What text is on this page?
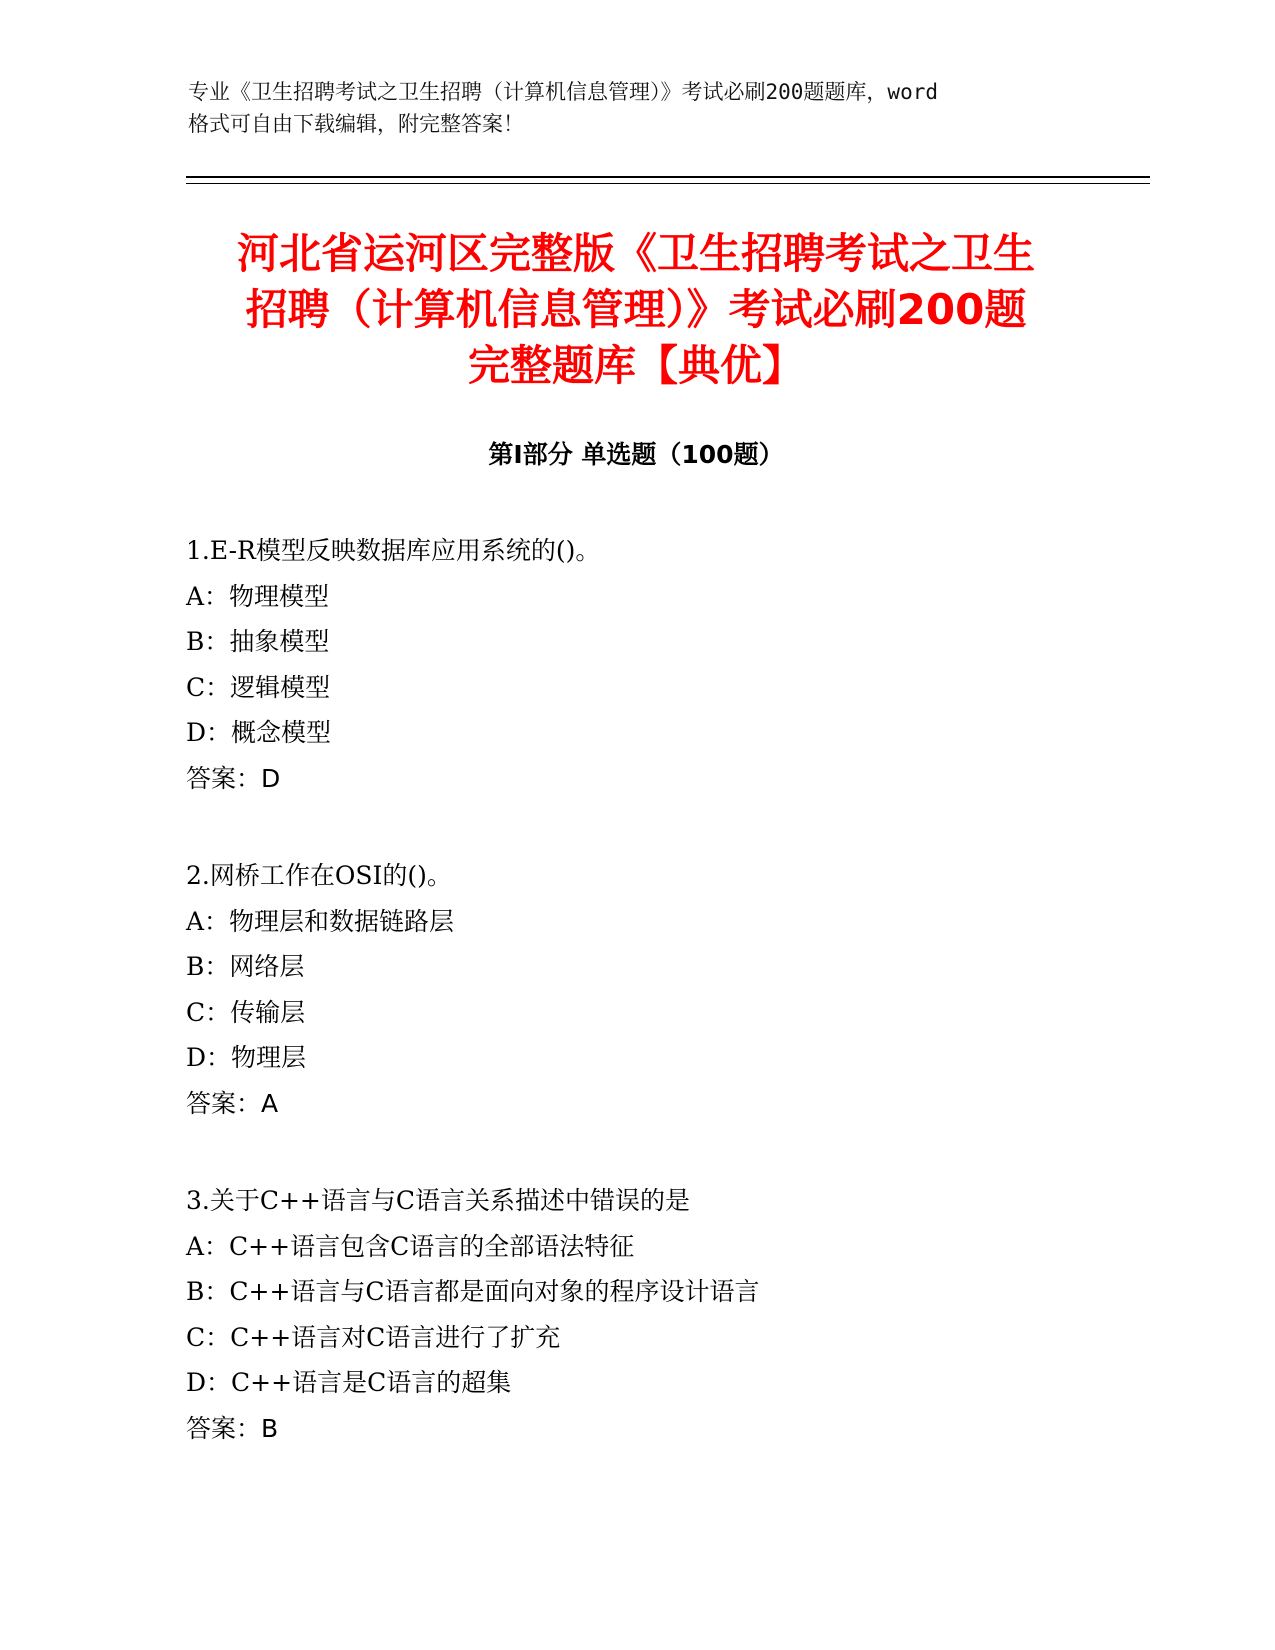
专业《卫生招聘考试之卫生招聘（计算机信息管理）》考试必刷200题题库，word
格式可自由下载编辑，附完整答案！
河北省运河区完整版《卫生招聘考试之卫生
招聘（计算机信息管理）》考试必刷200题
完整题库【典优】
第Ⅰ部分 单选题（100题）
1.E-R模型反映数据库应用系统的()。
A：物理模型
B：抽象模型
C：逻辑模型
D：概念模型
答案：D
2.网桥工作在OSI的()。
A：物理层和数据链路层
B：网络层
C：传输层
D：物理层
答案：A
3.关于C++语言与C语言关系描述中错误的是
A：C++语言包含C语言的全部语法特征
B：C++语言与C语言都是面向对象的程序设计语言
C：C++语言对C语言进行了扩充
D：C++语言是C语言的超集
答案：B
